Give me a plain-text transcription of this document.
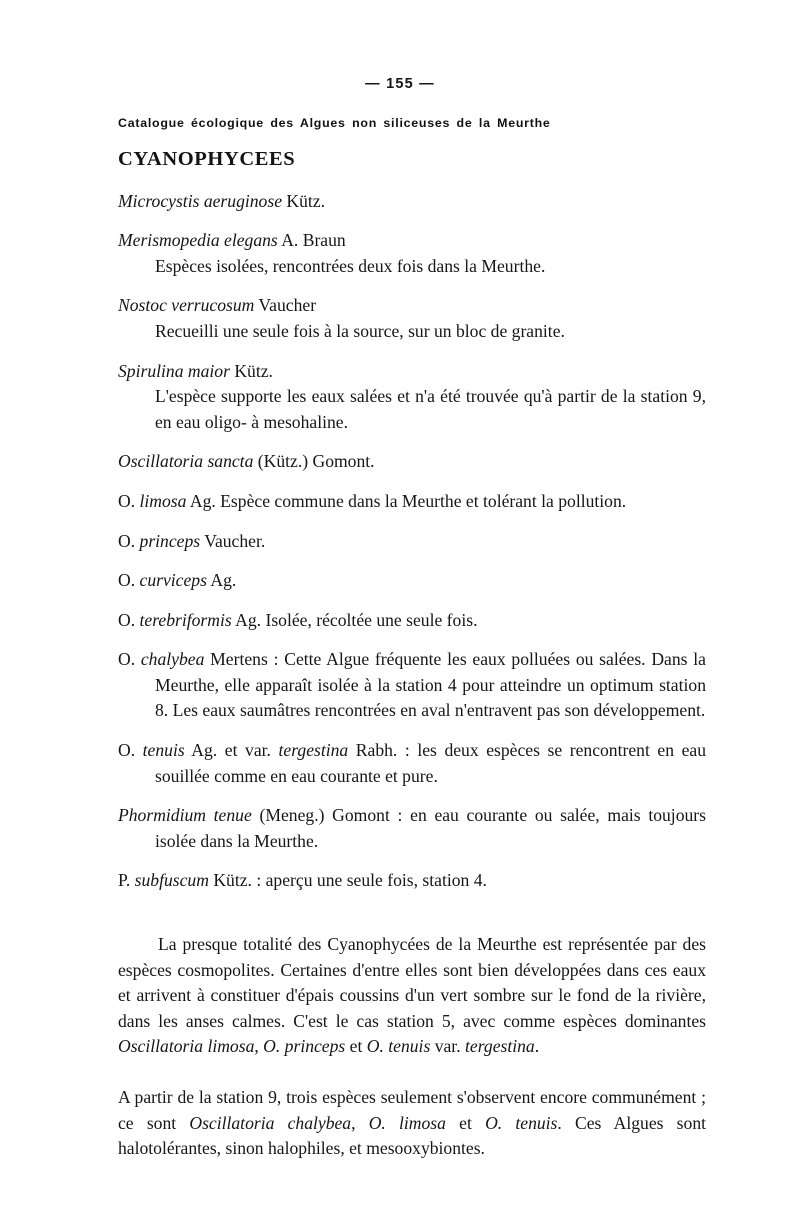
— 155 —
Catalogue écologique des Algues non siliceuses de la Meurthe
CYANOPHYCEES

Microcystis aeruginose Kütz.

Merismopedia elegans A. Braun
Espèces isolées, rencontrées deux fois dans la Meurthe.

Nostoc verrucosum Vaucher
Recueilli une seule fois à la source, sur un bloc de granite.

Spirulina maior Kütz.
L'espèce supporte les eaux salées et n'a été trouvée qu'à partir de la station 9, en eau oligo- à mesohaline.

Oscillatoria sancta (Kütz.) Gomont.

O. limosa Ag. Espèce commune dans la Meurthe et tolérant la pollution.

O. princeps Vaucher.

O. curviceps Ag.

O. terebriformis Ag. Isolée, récoltée une seule fois.

O. chalybea Mertens : Cette Algue fréquente les eaux polluées ou salées. Dans la Meurthe, elle apparaît isolée à la station 4 pour atteindre un optimum station 8. Les eaux saumâtres rencontrées en aval n'entravent pas son développement.

O. tenuis Ag. et var. tergestina Rabh. : les deux espèces se rencontrent en eau souillée comme en eau courante et pure.

Phormidium tenue (Meneg.) Gomont : en eau courante ou salée, mais toujours isolée dans la Meurthe.

P. subfuscum Kütz. : aperçu une seule fois, station 4.

La presque totalité des Cyanophycées de la Meurthe est représentée par des espèces cosmopolites. Certaines d'entre elles sont bien développées dans ces eaux et arrivent à constituer d'épais coussins d'un vert sombre sur le fond de la rivière, dans les anses calmes. C'est le cas station 5, avec comme espèces dominantes Oscillatoria limosa, O. princeps et O. tenuis var. tergestina.

A partir de la station 9, trois espèces seulement s'observent encore communément ; ce sont Oscillatoria chalybea, O. limosa et O. tenuis. Ces Algues sont halotolérantes, sinon halophiles, et mesooxybiontes.
